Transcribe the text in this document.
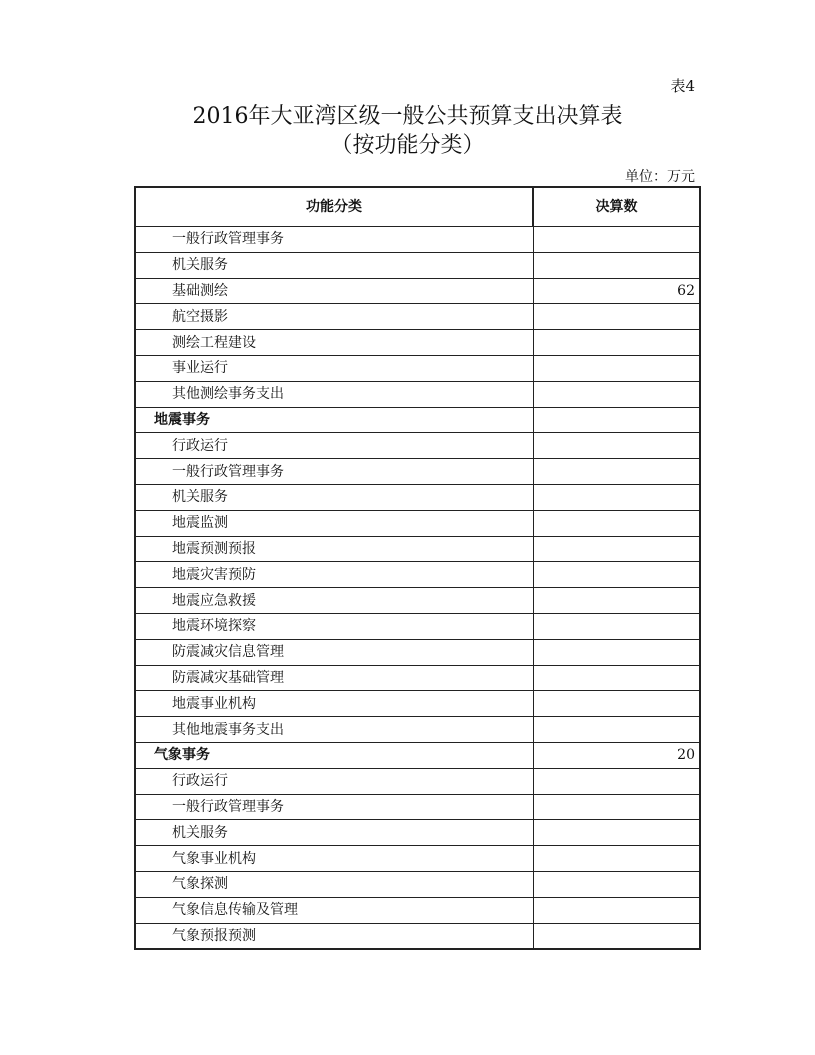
表4
2016年大亚湾区级一般公共预算支出决算表
（按功能分类）
单位：万元
功能分类	决算数
一般行政管理事务	
机关服务	
基础测绘	62
航空摄影	
测绘工程建设	
事业运行	
其他测绘事务支出	
地震事务	
行政运行	
一般行政管理事务	
机关服务	
地震监测	
地震预测预报	
地震灾害预防	
地震应急救援	
地震环境探察	
防震减灾信息管理	
防震减灾基础管理	
地震事业机构	
其他地震事务支出	
气象事务	20
行政运行	
一般行政管理事务	
机关服务	
气象事业机构	
气象探测	
气象信息传输及管理	
气象预报预测	
